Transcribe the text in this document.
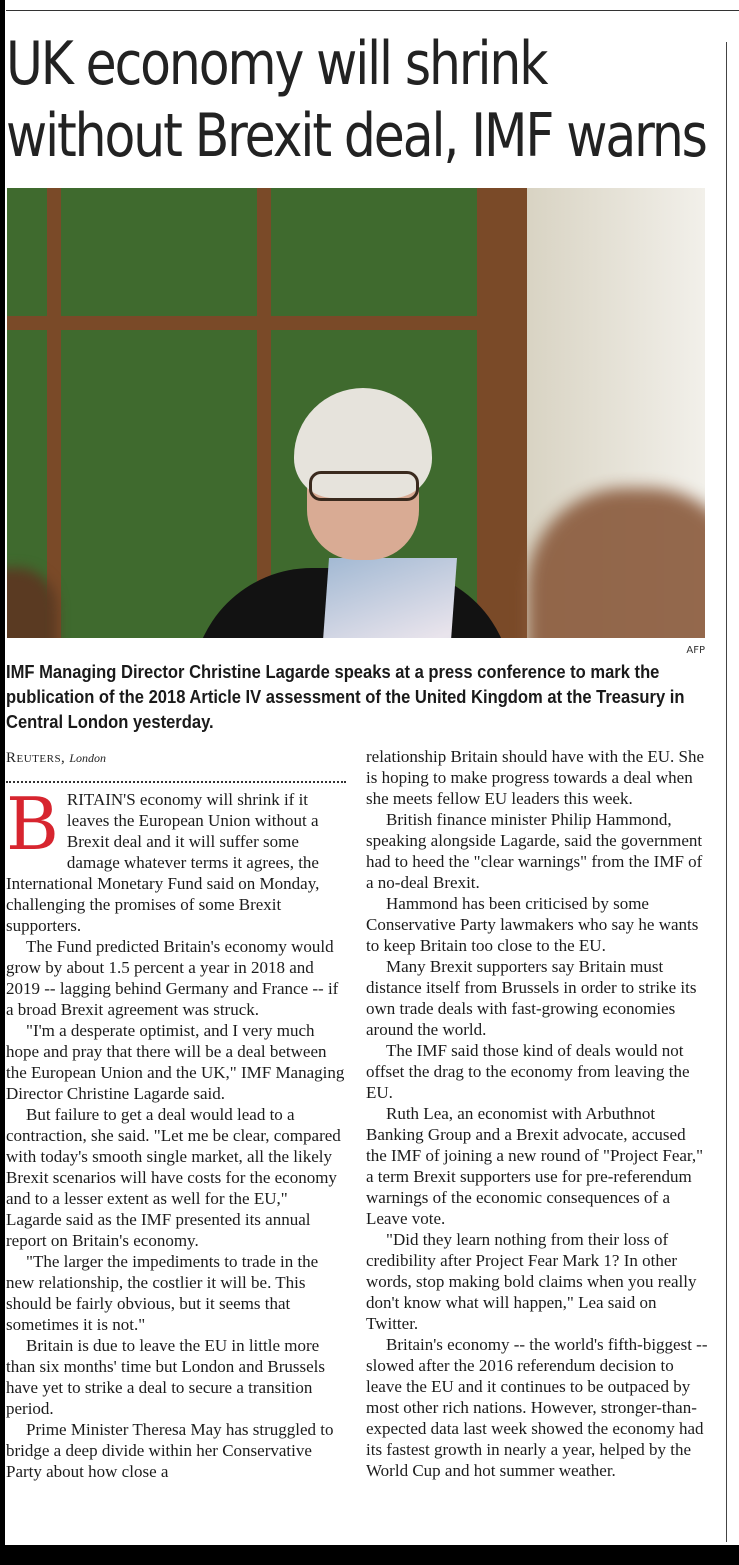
UK economy will shrink without Brexit deal, IMF warns
AFP
IMF Managing Director Christine Lagarde speaks at a press conference to mark the publication of the 2018 Article IV assessment of the United Kingdom at the Treasury in Central London yesterday.
Reuters, London

BRITAIN'S economy will shrink if it leaves the European Union without a Brexit deal and it will suffer some damage whatever terms it agrees, the International Monetary Fund said on Monday, challenging the promises of some Brexit supporters.

The Fund predicted Britain's economy would grow by about 1.5 percent a year in 2018 and 2019 -- lagging behind Germany and France -- if a broad Brexit agreement was struck.

"I'm a desperate optimist, and I very much hope and pray that there will be a deal between the European Union and the UK," IMF Managing Director Christine Lagarde said.

But failure to get a deal would lead to a contraction, she said. "Let me be clear, compared with today's smooth single market, all the likely Brexit scenarios will have costs for the economy and to a lesser extent as well for the EU," Lagarde said as the IMF presented its annual report on Britain's economy.

"The larger the impediments to trade in the new relationship, the costlier it will be. This should be fairly obvious, but it seems that sometimes it is not."

Britain is due to leave the EU in little more than six months' time but London and Brussels have yet to strike a deal to secure a transition period.

Prime Minister Theresa May has struggled to bridge a deep divide within her Conservative Party about how close a

relationship Britain should have with the EU. She is hoping to make progress towards a deal when she meets fellow EU leaders this week.

British finance minister Philip Hammond, speaking alongside Lagarde, said the government had to heed the "clear warnings" from the IMF of a no-deal Brexit.

Hammond has been criticised by some Conservative Party lawmakers who say he wants to keep Britain too close to the EU.

Many Brexit supporters say Britain must distance itself from Brussels in order to strike its own trade deals with fast-growing economies around the world.

The IMF said those kind of deals would not offset the drag to the economy from leaving the EU.

Ruth Lea, an economist with Arbuthnot Banking Group and a Brexit advocate, accused the IMF of joining a new round of "Project Fear," a term Brexit supporters use for pre-referendum warnings of the economic consequences of a Leave vote.

"Did they learn nothing from their loss of credibility after Project Fear Mark 1? In other words, stop making bold claims when you really don't know what will happen," Lea said on Twitter.

Britain's economy -- the world's fifth-biggest -- slowed after the 2016 referendum decision to leave the EU and it continues to be outpaced by most other rich nations. However, stronger-than-expected data last week showed the economy had its fastest growth in nearly a year, helped by the World Cup and hot summer weather.
